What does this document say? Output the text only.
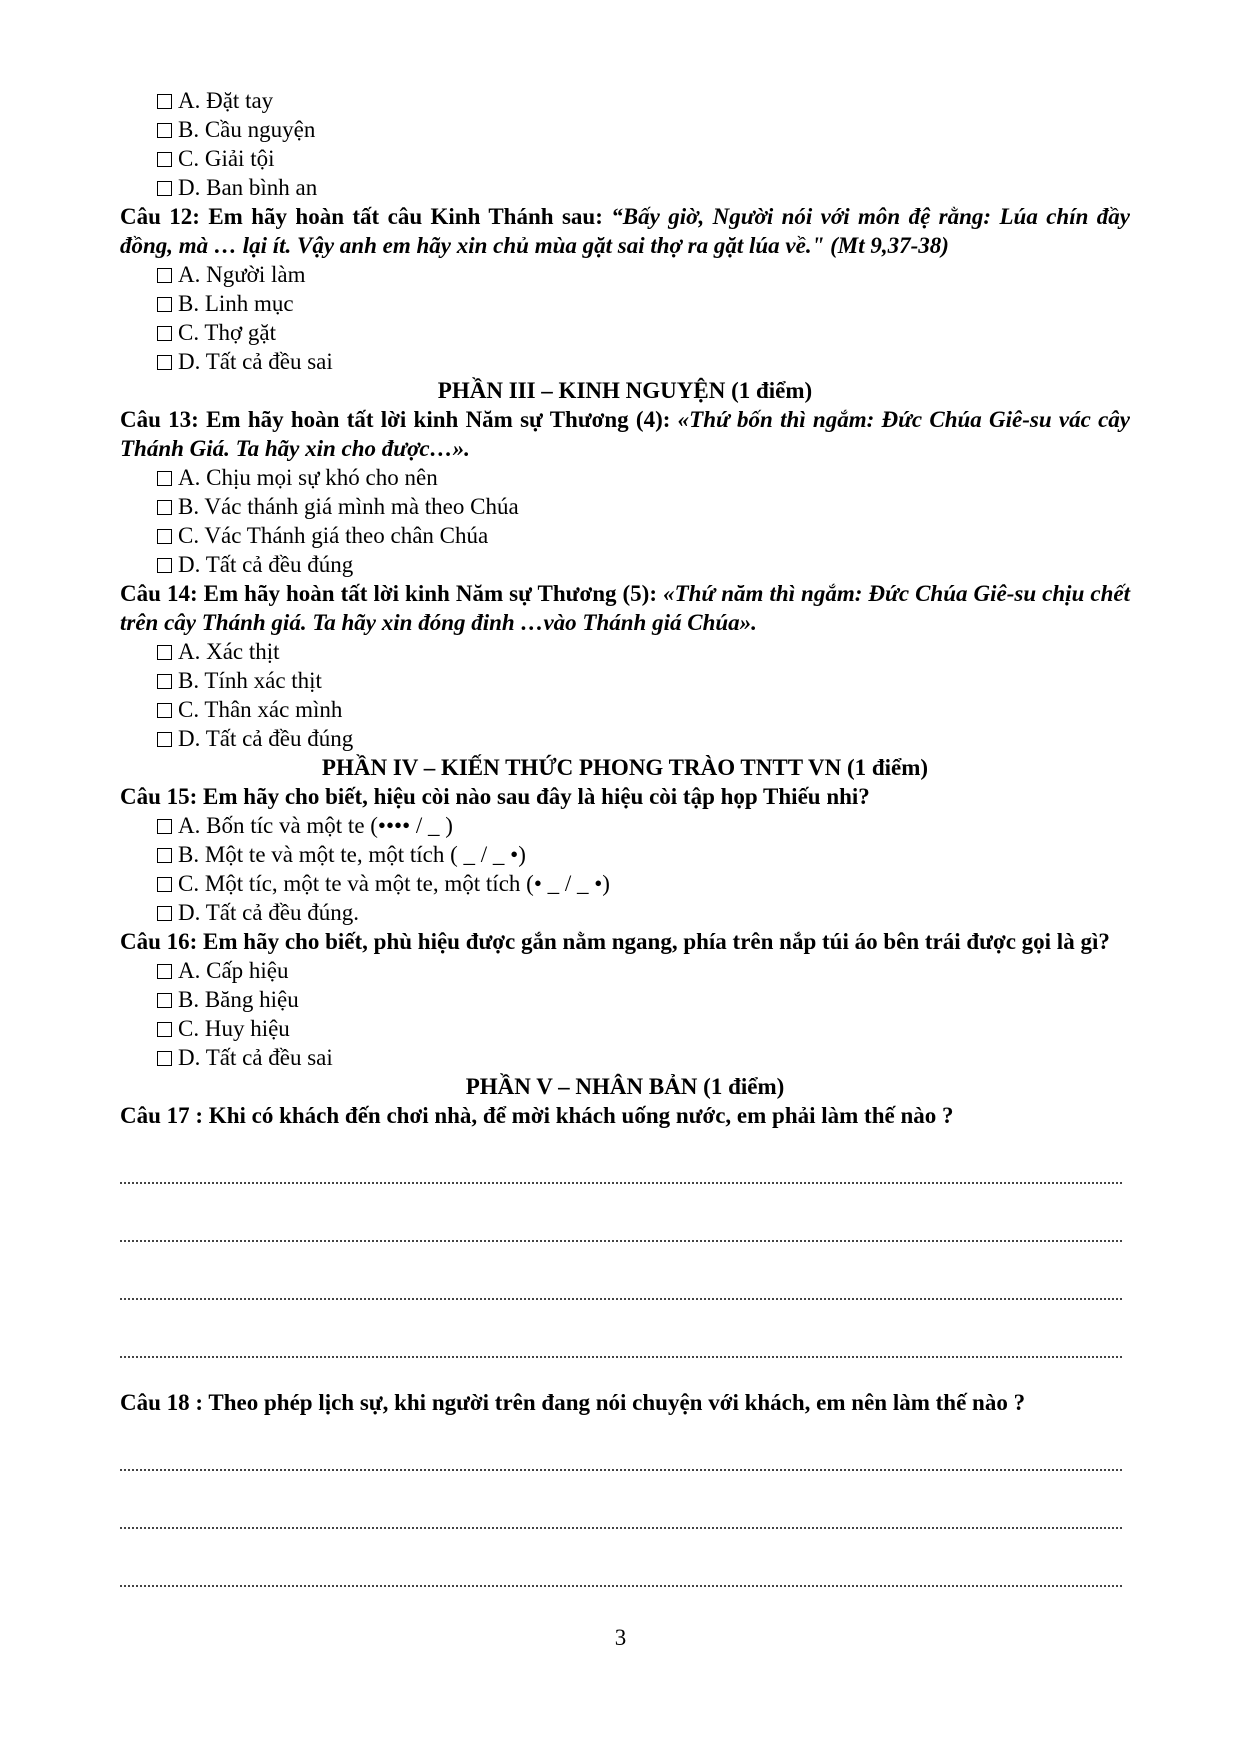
A. Đặt tay
B. Cầu nguyện
C. Giải tội
D. Ban bình an
Câu 12: Em hãy hoàn tất câu Kinh Thánh sau: “Bấy giờ, Người nói với môn đệ rằng: Lúa chín đầy đồng, mà … lại ít. Vậy anh em hãy xin chủ mùa gặt sai thợ ra gặt lúa về." (Mt 9,37-38)
A. Người làm
B. Linh mục
C. Thợ gặt
D. Tất cả đều sai
PHẦN III – KINH NGUYỆN (1 điểm)
Câu 13: Em hãy hoàn tất lời kinh Năm sự Thương (4): «Thứ bốn thì ngắm: Đức Chúa Giê-su vác cây Thánh Giá. Ta hãy xin cho được…».
A. Chịu mọi sự khó cho nên
B. Vác thánh giá mình mà theo Chúa
C. Vác Thánh giá theo chân Chúa
D. Tất cả đều đúng
Câu 14: Em hãy hoàn tất lời kinh Năm sự Thương (5): «Thứ năm thì ngắm: Đức Chúa Giê-su chịu chết trên cây Thánh giá. Ta hãy xin đóng đinh …vào Thánh giá Chúa».
A. Xác thịt
B. Tính xác thịt
C. Thân xác mình
D. Tất cả đều đúng
PHẦN IV – KIẾN THỨC PHONG TRÀO TNTT VN (1 điểm)
Câu 15: Em hãy cho biết, hiệu còi nào sau đây là hiệu còi tập họp Thiếu nhi?
A. Bốn tíc và một te (•••• / _ )
B. Một te và một te, một tích ( _ / _ •)
C. Một tíc, một te và một te, một tích (• _ / _ •)
D. Tất cả đều đúng.
Câu 16: Em hãy cho biết, phù hiệu được gắn nằm ngang, phía trên nắp túi áo bên trái được gọi là gì?
A. Cấp hiệu
B. Băng hiệu
C. Huy hiệu
D. Tất cả đều sai
PHẦN V – NHÂN BẢN (1 điểm)
Câu 17 : Khi có khách đến chơi nhà, để mời khách uống nước, em phải làm thế nào ?
Câu 18 : Theo phép lịch sự, khi người trên đang nói chuyện với khách, em nên làm thế nào ?
3
